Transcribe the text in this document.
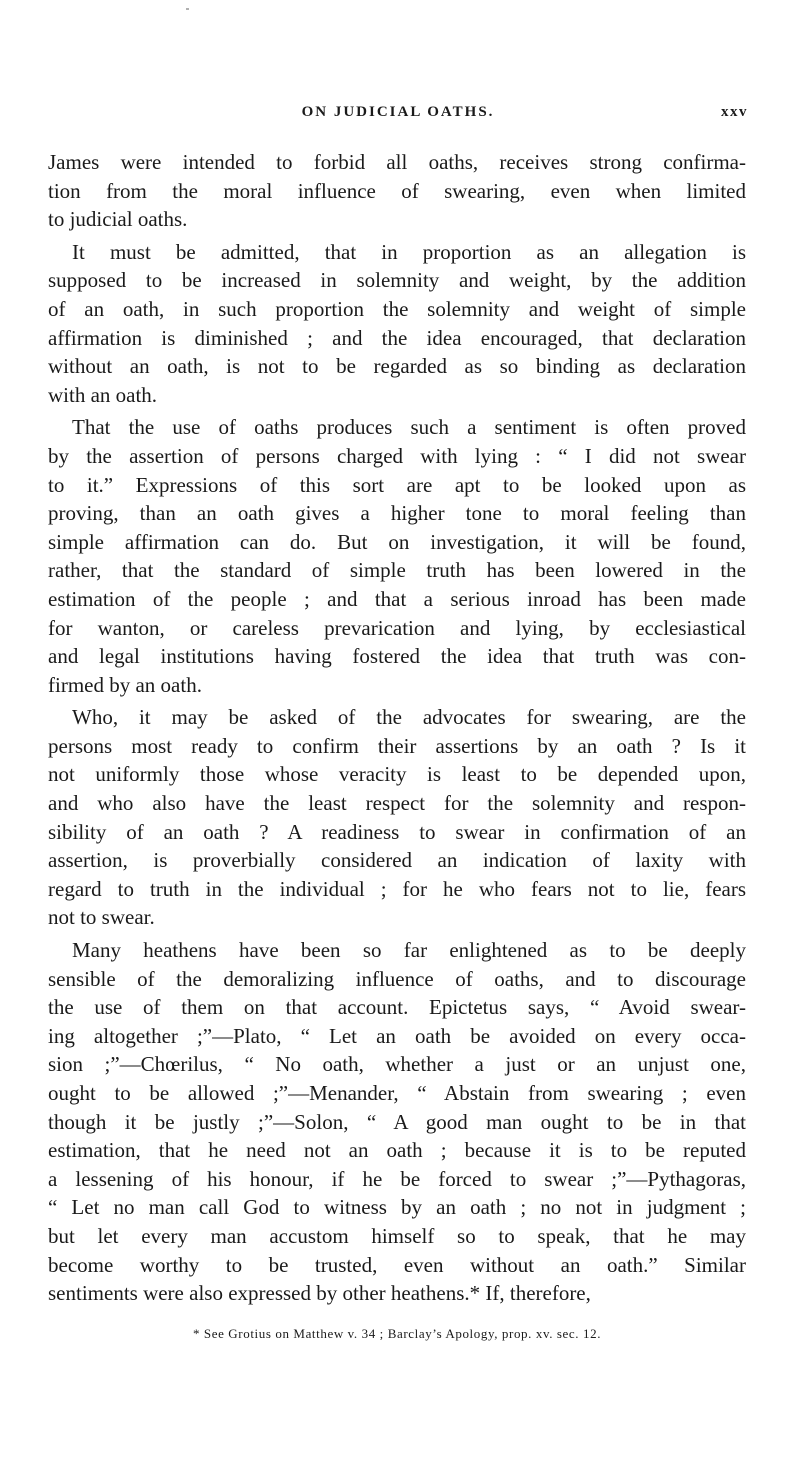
ON JUDICIAL OATHS.	xxv
James were intended to forbid all oaths, receives strong confirma-
tion from the moral influence of swearing, even when limited
to judicial oaths.
It must be admitted, that in proportion as an allegation is
supposed to be increased in solemnity and weight, by the addition
of an oath, in such proportion the solemnity and weight of simple
affirmation is diminished ; and the idea encouraged, that declaration
without an oath, is not to be regarded as so binding as declaration
with an oath.
That the use of oaths produces such a sentiment is often proved
by the assertion of persons charged with lying : “ I did not swear
to it.” Expressions of this sort are apt to be looked upon as
proving, than an oath gives a higher tone to moral feeling than
simple affirmation can do. But on investigation, it will be found,
rather, that the standard of simple truth has been lowered in the
estimation of the people ; and that a serious inroad has been made
for wanton, or careless prevarication and lying, by ecclesiastical
and legal institutions having fostered the idea that truth was con-
firmed by an oath.
Who, it may be asked of the advocates for swearing, are the
persons most ready to confirm their assertions by an oath ? Is it
not uniformly those whose veracity is least to be depended upon,
and who also have the least respect for the solemnity and respon-
sibility of an oath ? A readiness to swear in confirmation of an
assertion, is proverbially considered an indication of laxity with
regard to truth in the individual ; for he who fears not to lie, fears
not to swear.
Many heathens have been so far enlightened as to be deeply
sensible of the demoralizing influence of oaths, and to discourage
the use of them on that account. Epictetus says, “ Avoid swear-
ing altogether ;”—Plato, “ Let an oath be avoided on every occa-
sion ;”—Chœrilus, “ No oath, whether a just or an unjust one,
ought to be allowed ;”—Menander, “ Abstain from swearing ; even
though it be justly ;”—Solon, “ A good man ought to be in that
estimation, that he need not an oath ; because it is to be reputed
a lessening of his honour, if he be forced to swear ;”—Pythagoras,
“ Let no man call God to witness by an oath ; no not in judgment ;
but let every man accustom himself so to speak, that he may
become worthy to be trusted, even without an oath.” Similar
sentiments were also expressed by other heathens.* If, therefore,
* See Grotius on Matthew v. 34 ; Barclay’s Apology, prop. xv. sec. 12.
